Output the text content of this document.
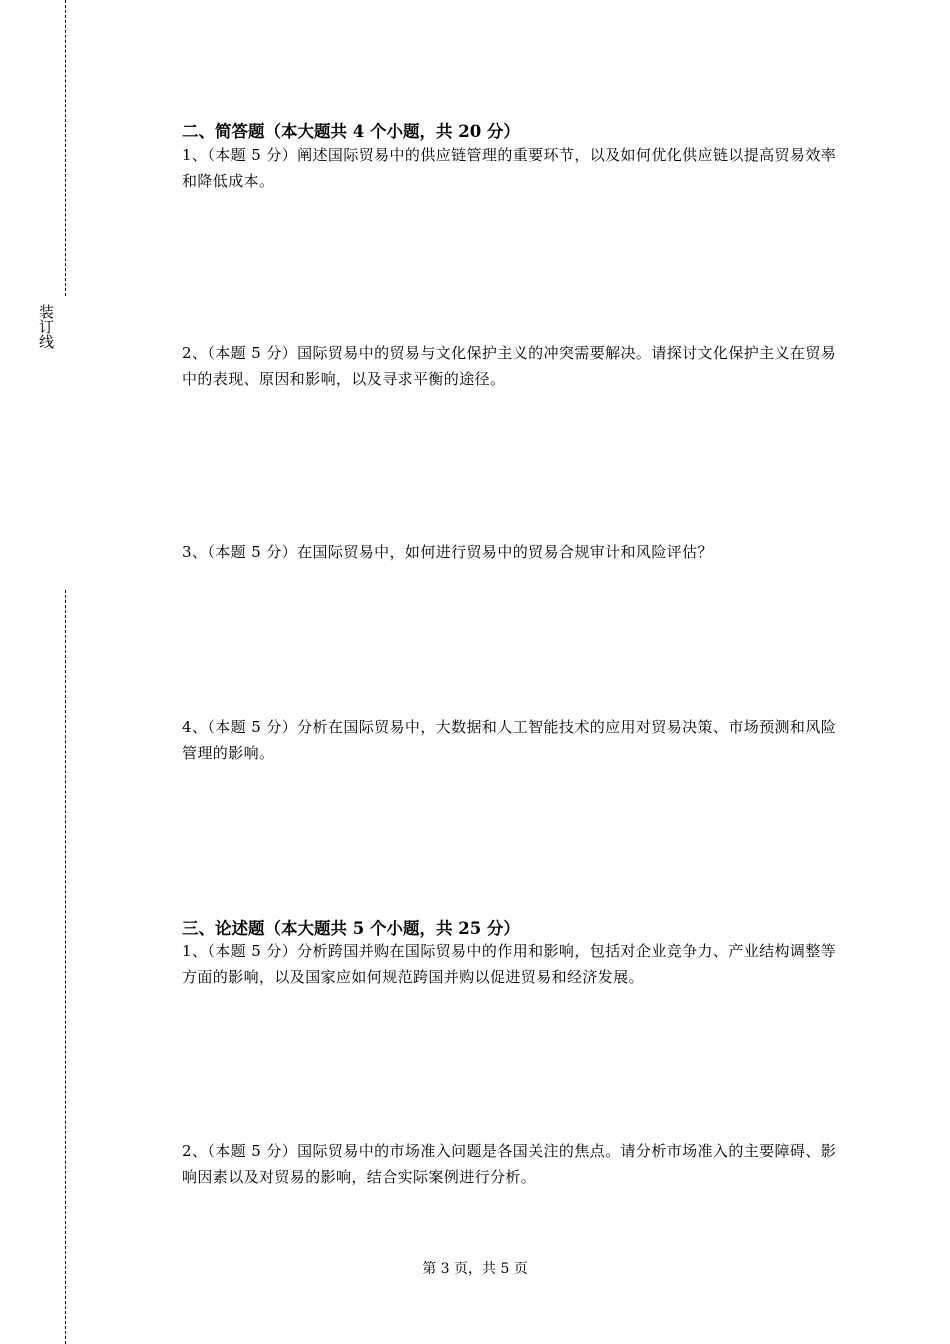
装订线
二、简答题（本大题共 4 个小题，共 20 分）
1、（本题 5 分）阐述国际贸易中的供应链管理的重要环节，以及如何优化供应链以提高贸易效率和降低成本。
2、（本题 5 分）国际贸易中的贸易与文化保护主义的冲突需要解决。请探讨文化保护主义在贸易中的表现、原因和影响，以及寻求平衡的途径。
3、（本题 5 分）在国际贸易中，如何进行贸易中的贸易合规审计和风险评估？
4、（本题 5 分）分析在国际贸易中，大数据和人工智能技术的应用对贸易决策、市场预测和风险管理的影响。
三、论述题（本大题共 5 个小题，共 25 分）
1、（本题 5 分）分析跨国并购在国际贸易中的作用和影响，包括对企业竞争力、产业结构调整等方面的影响，以及国家应如何规范跨国并购以促进贸易和经济发展。
2、（本题 5 分）国际贸易中的市场准入问题是各国关注的焦点。请分析市场准入的主要障碍、影响因素以及对贸易的影响，结合实际案例进行分析。
第 3 页，共 5 页
